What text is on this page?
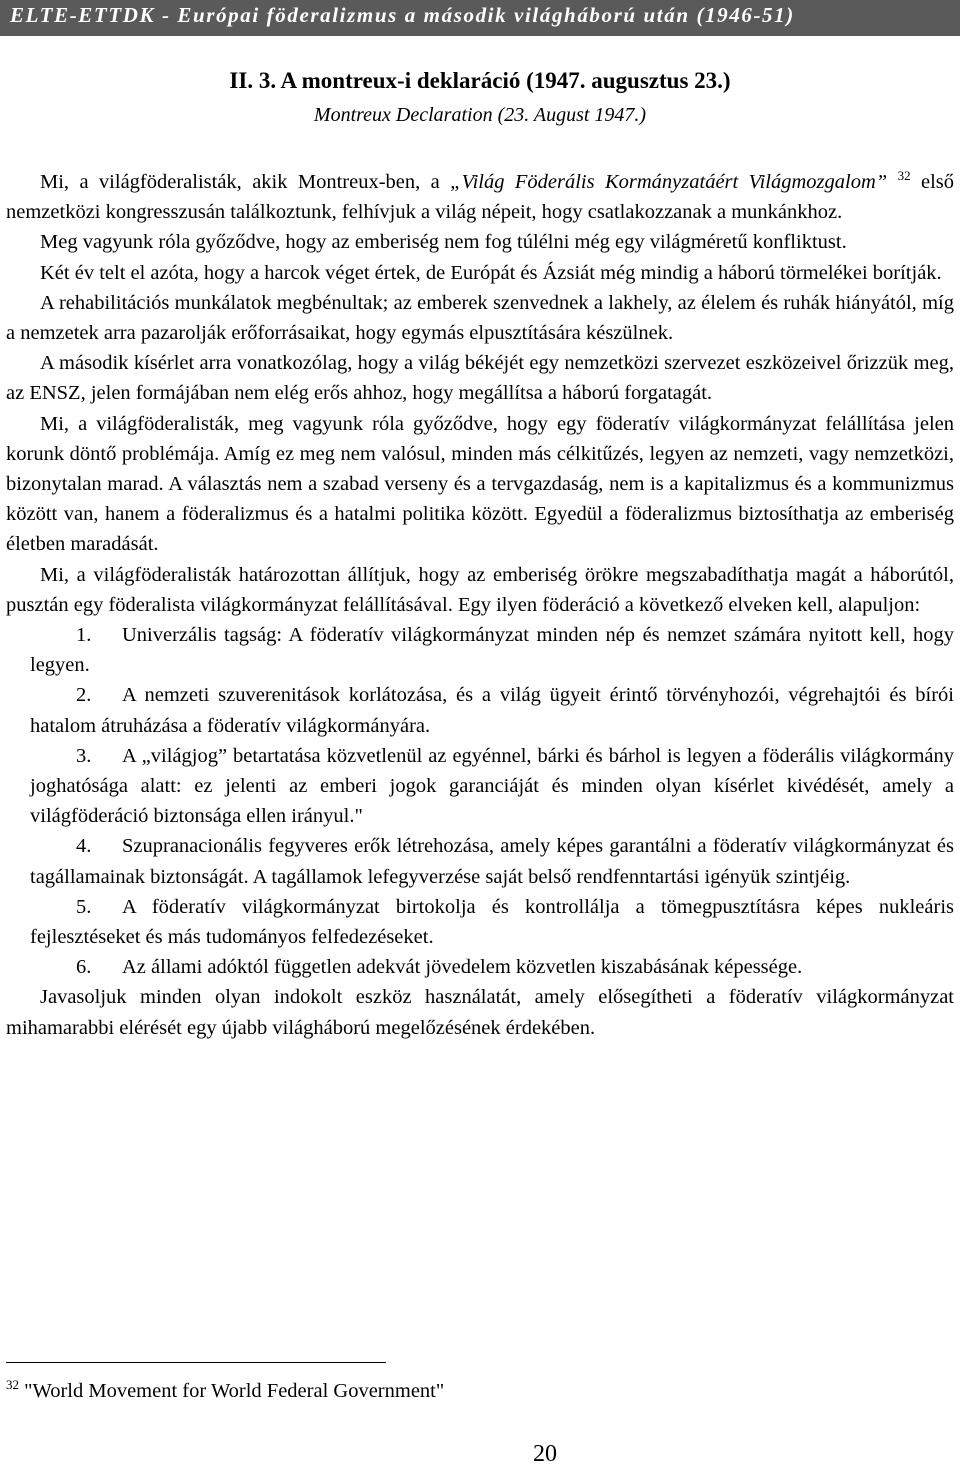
ELTE-ETTDK - Európai föderalizmus a második világháború után (1946-51)
II. 3. A montreux-i deklaráció (1947. augusztus 23.)
Montreux Declaration (23. August 1947.)

Mi, a világföderalisták, akik Montreux-ben, a „Világ Föderális Kormányzatáért Világmozgalom” $^{32}$ első nemzetközi kongresszusán találkoztunk, felhívjuk a világ népeit, hogy csatlakozzanak a munkánkhoz.

Meg vagyunk róla győződve, hogy az emberiség nem fog túlélni még egy világméretű konfliktust.

Két év telt el azóta, hogy a harcok véget értek, de Európát és Ázsiát még mindig a háború törmelékei borítják.

A rehabilitációs munkálatok megbénultak; az emberek szenvednek a lakhely, az élelem és ruhák hiányától, míg a nemzetek arra pazarolják erőforrásaikat, hogy egymás elpusztítására készülnek.

A második kísérlet arra vonatkozólag, hogy a világ békéjét egy nemzetközi szervezet eszközeivel őrizzük meg, az ENSZ, jelen formájában nem elég erős ahhoz, hogy megállítsa a háború forgatagát.

Mi, a világföderalisták, meg vagyunk róla győződve, hogy egy föderatív világkormányzat felállítása jelen korunk döntő problémája. Amíg ez meg nem valósul, minden más célkitűzés, legyen az nemzeti, vagy nemzetközi, bizonytalan marad. A választás nem a szabad verseny és a tervgazdaság, nem is a kapitalizmus és a kommunizmus között van, hanem a föderalizmus és a hatalmi politika között. Egyedül a föderalizmus biztosíthatja az emberiség életben maradását.

Mi, a világföderalisták határozottan állítjuk, hogy az emberiség örökre megszabadíthatja magát a háborútól, pusztán egy föderalista világkormányzat felállításával. Egy ilyen föderáció a következő elveken kell, alapuljon:

1. Univerzális tagság: A föderatív világkormányzat minden nép és nemzet számára nyitott kell, hogy legyen.

2. A nemzeti szuverenitások korlátozása, és a világ ügyeit érintő törvényhozói, végrehajtói és bírói hatalom átruházása a föderatív világkormányára.

3. A „világjog” betartatása közvetlenül az egyénnel, bárki és bárhol is legyen a föderális világkormány joghatósága alatt: ez jelenti az emberi jogok garanciáját és minden olyan kísérlet kivédését, amely a világföderáció biztonsága ellen irányul."

4. Szupranacionális fegyveres erők létrehozása, amely képes garantálni a föderatív világkormányzat és tagállamainak biztonságát. A tagállamok lefegyverzése saját belső rendfenntartási igényük szintjéig.

5. A föderatív világkormányzat birtokolja és kontrollálja a tömegpusztításra képes nukleáris fejlesztéseket és más tudományos felfedezéseket.

6. Az állami adóktól független adekvát jövedelem közvetlen kiszabásának képessége.

Javasoljuk minden olyan indokolt eszköz használatát, amely elősegítheti a föderatív világkormányzat mihamarabbi elérését egy újabb világháború megelőzésének érdekében.

$^{32}$ "World Movement for World Federal Government"
20
